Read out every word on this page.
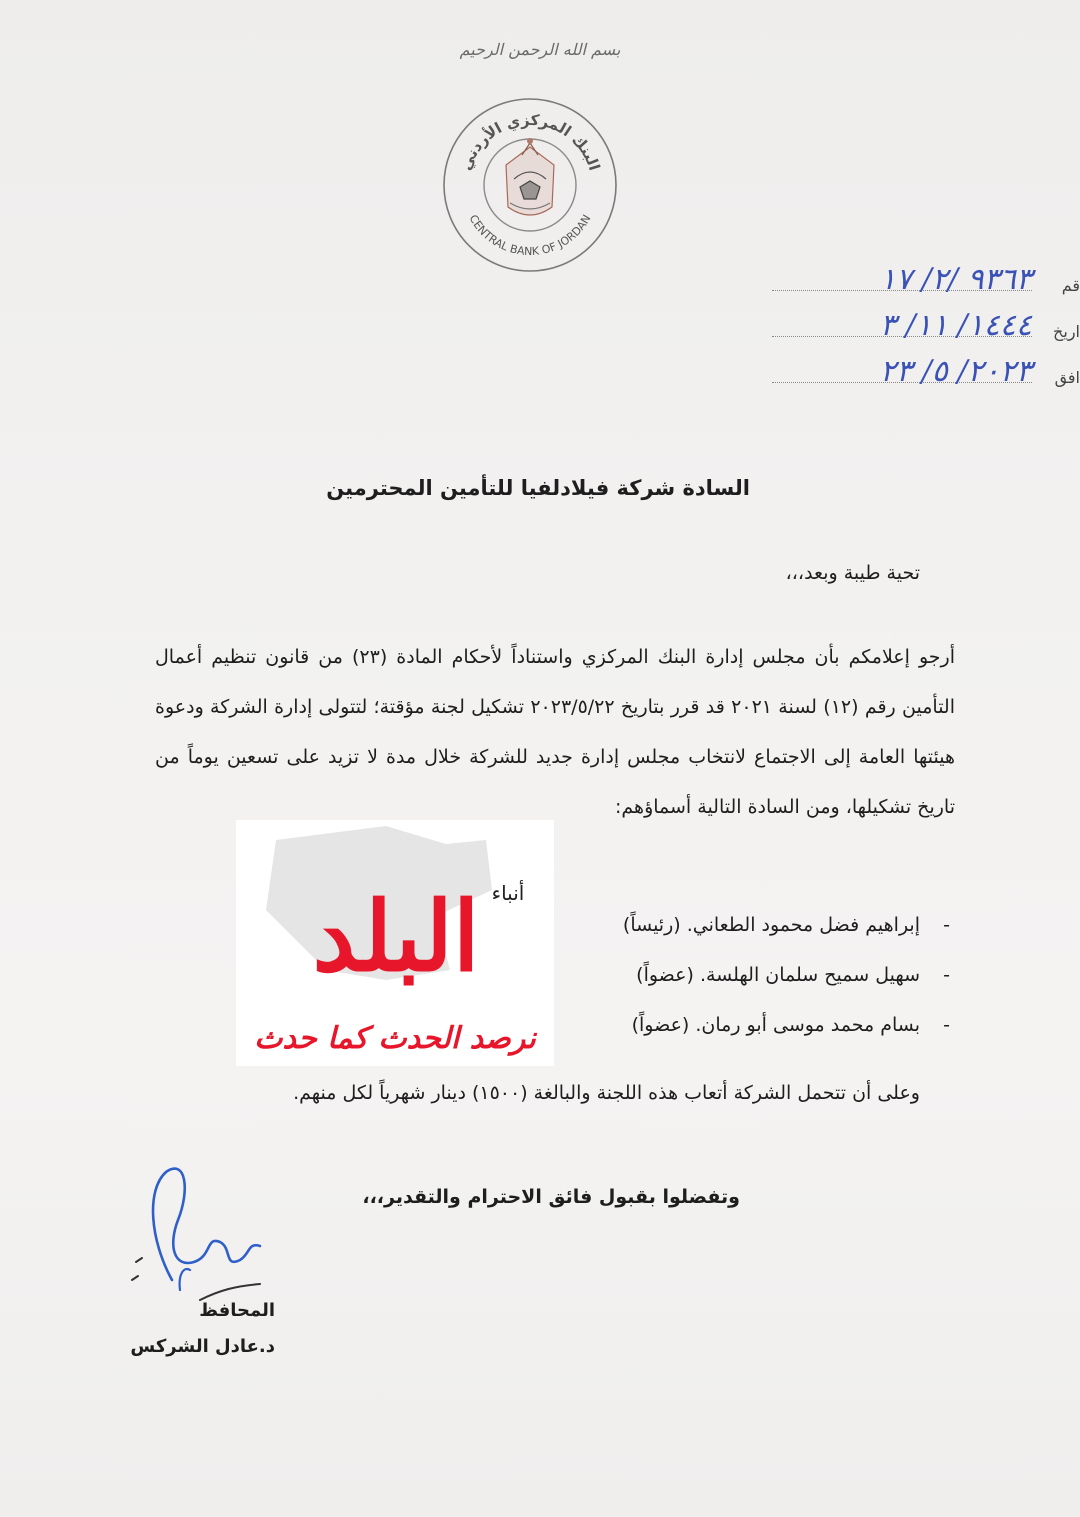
بسم الله الرحمن الرحيم
البنك المركزي الأردني
CENTRAL BANK OF JORDAN
قم
٩٣٦٣ /٢/ ١٧
اريخ
١٤٤٤/ ١١/ ٣
افق
٢٠٢٣/ ٥/ ٢٣
السادة شركة فيلادلفيا للتأمين المحترمين
تحية طيبة وبعد،،،
أرجو إعلامكم بأن مجلس إدارة البنك المركزي واستناداً لأحكام المادة (٢٣) من قانون تنظيم أعمال التأمين رقم (١٢) لسنة ٢٠٢١ قد قرر بتاريخ ٢٠٢٣/٥/٢٢ تشكيل لجنة مؤقتة؛ لتتولى إدارة الشركة ودعوة هيئتها العامة إلى الاجتماع لانتخاب مجلس إدارة جديد للشركة خلال مدة لا تزيد على تسعين يوماً من تاريخ تشكيلها، ومن السادة التالية أسماؤهم:
- إبراهيم فضل محمود الطعاني. (رئيساً)
- سهيل سميح سلمان الهلسة. (عضواً)
- بسام محمد موسى أبو رمان. (عضواً)
وعلى أن تتحمل الشركة أتعاب هذه اللجنة والبالغة (١٥٠٠) دينار شهرياً لكل منهم.
وتفضلوا بقبول فائق الاحترام والتقدير،،،
المحافظ
د.عادل الشركس
البلد أنباء
نرصد الحدث كما حدث
